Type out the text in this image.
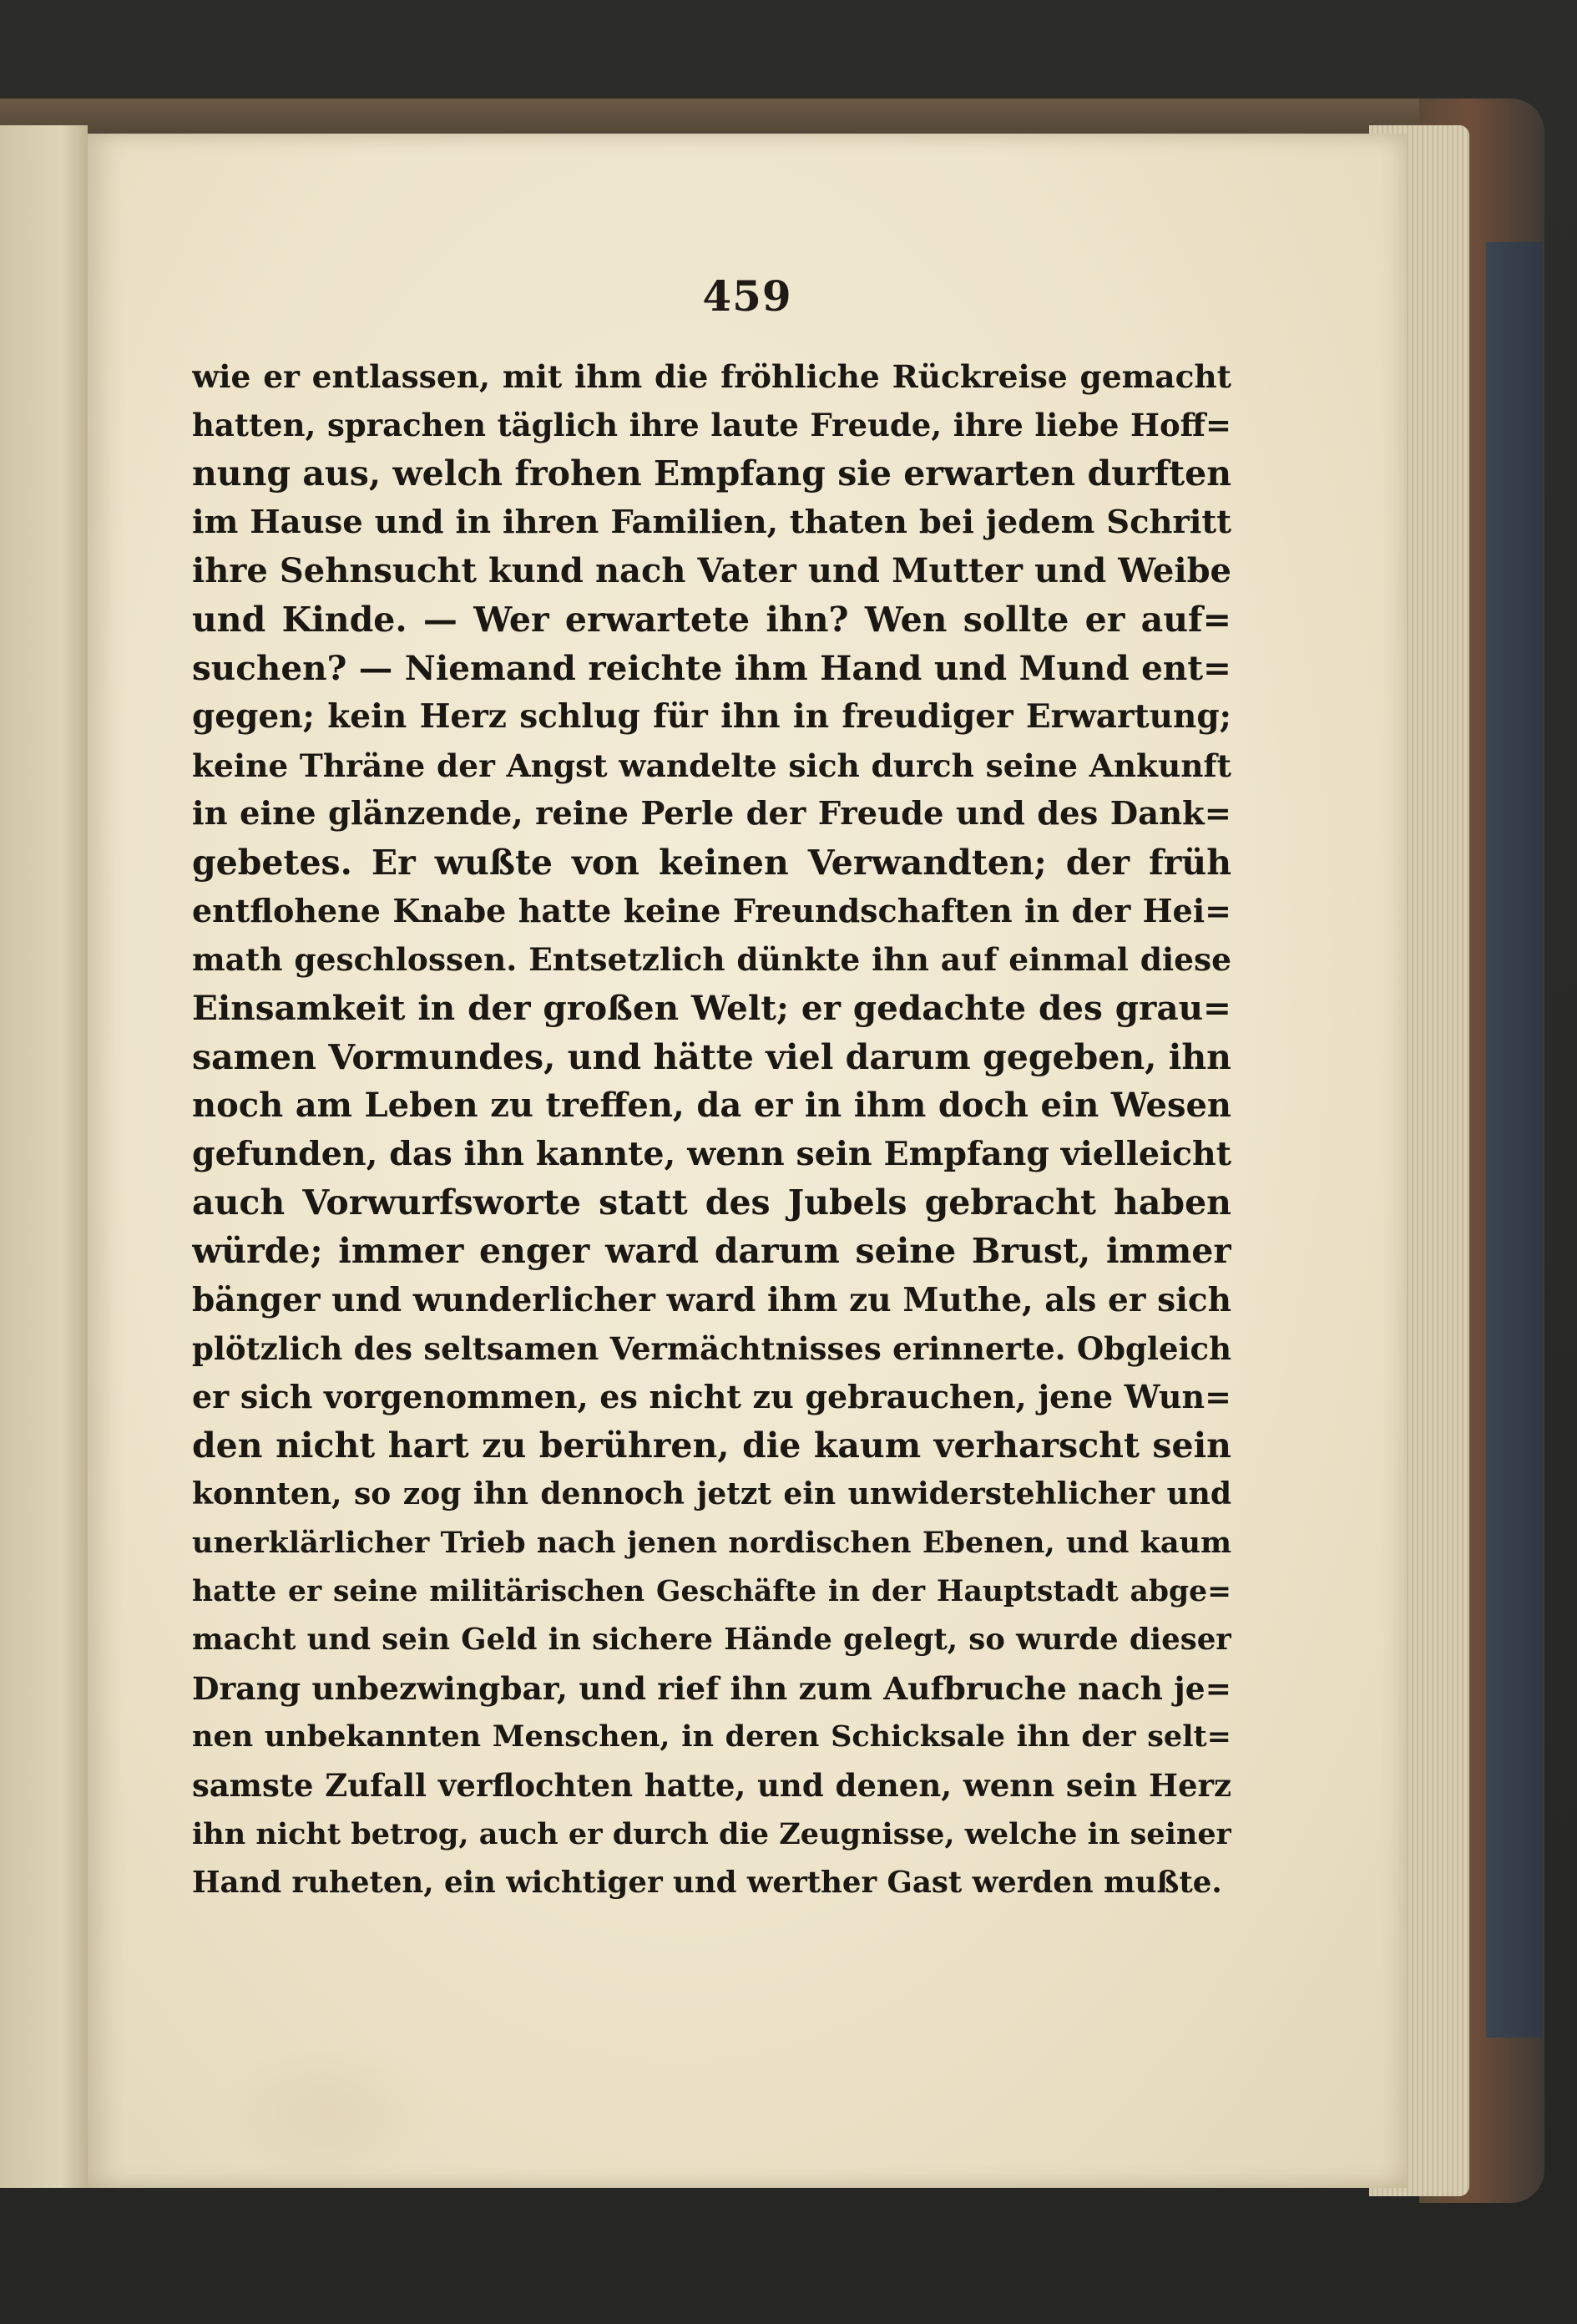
459
wie er entlassen, mit ihm die fröhliche Rückreise gemacht
hatten, sprachen täglich ihre laute Freude, ihre liebe Hoff=
nung aus, welch frohen Empfang sie erwarten durften
im Hause und in ihren Familien, thaten bei jedem Schritt
ihre Sehnsucht kund nach Vater und Mutter und Weibe
und Kinde. — Wer erwartete ihn? Wen sollte er auf=
suchen? — Niemand reichte ihm Hand und Mund ent=
gegen; kein Herz schlug für ihn in freudiger Erwartung;
keine Thräne der Angst wandelte sich durch seine Ankunft
in eine glänzende, reine Perle der Freude und des Dank=
gebetes. Er wußte von keinen Verwandten; der früh
entflohene Knabe hatte keine Freundschaften in der Hei=
math geschlossen. Entsetzlich dünkte ihn auf einmal diese
Einsamkeit in der großen Welt; er gedachte des grau=
samen Vormundes, und hätte viel darum gegeben, ihn
noch am Leben zu treffen, da er in ihm doch ein Wesen
gefunden, das ihn kannte, wenn sein Empfang vielleicht
auch Vorwurfsworte statt des Jubels gebracht haben
würde; immer enger ward darum seine Brust, immer
bänger und wunderlicher ward ihm zu Muthe, als er sich
plötzlich des seltsamen Vermächtnisses erinnerte. Obgleich
er sich vorgenommen, es nicht zu gebrauchen, jene Wun=
den nicht hart zu berühren, die kaum verharscht sein
konnten, so zog ihn dennoch jetzt ein unwiderstehlicher und
unerklärlicher Trieb nach jenen nordischen Ebenen, und kaum
hatte er seine militärischen Geschäfte in der Hauptstadt abge=
macht und sein Geld in sichere Hände gelegt, so wurde dieser
Drang unbezwingbar, und rief ihn zum Aufbruche nach je=
nen unbekannten Menschen, in deren Schicksale ihn der selt=
samste Zufall verflochten hatte, und denen, wenn sein Herz
ihn nicht betrog, auch er durch die Zeugnisse, welche in seiner
Hand ruheten, ein wichtiger und werther Gast werden mußte.
